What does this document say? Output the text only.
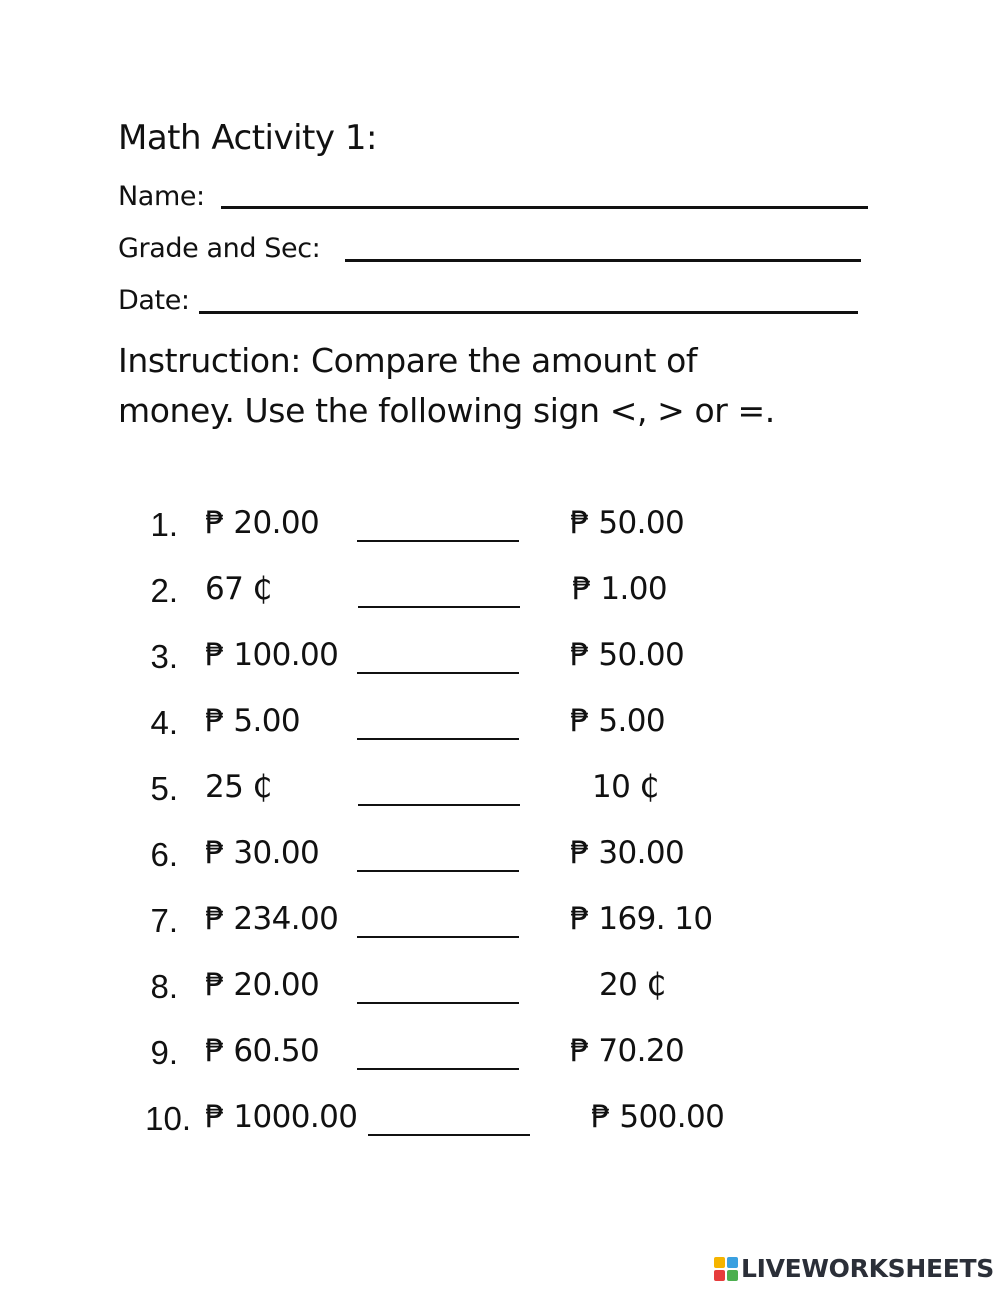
Math Activity 1:
Name:
Grade and Sec:
Date:
Instruction: Compare the amount of
money. Use the following sign <, > or =.
1. ₱ 20.00	₱ 50.00
2. 67 ₵	₱ 1.00
3. ₱ 100.00	₱ 50.00
4. ₱ 5.00	₱ 5.00
5. 25 ₵	10 ₵
6. ₱ 30.00	₱ 30.00
7. ₱ 234.00	₱ 169. 10
8. ₱ 20.00	20 ₵
9. ₱ 60.50	₱ 70.20
10. ₱ 1000.00	₱ 500.00
LIVEWORKSHEETS
